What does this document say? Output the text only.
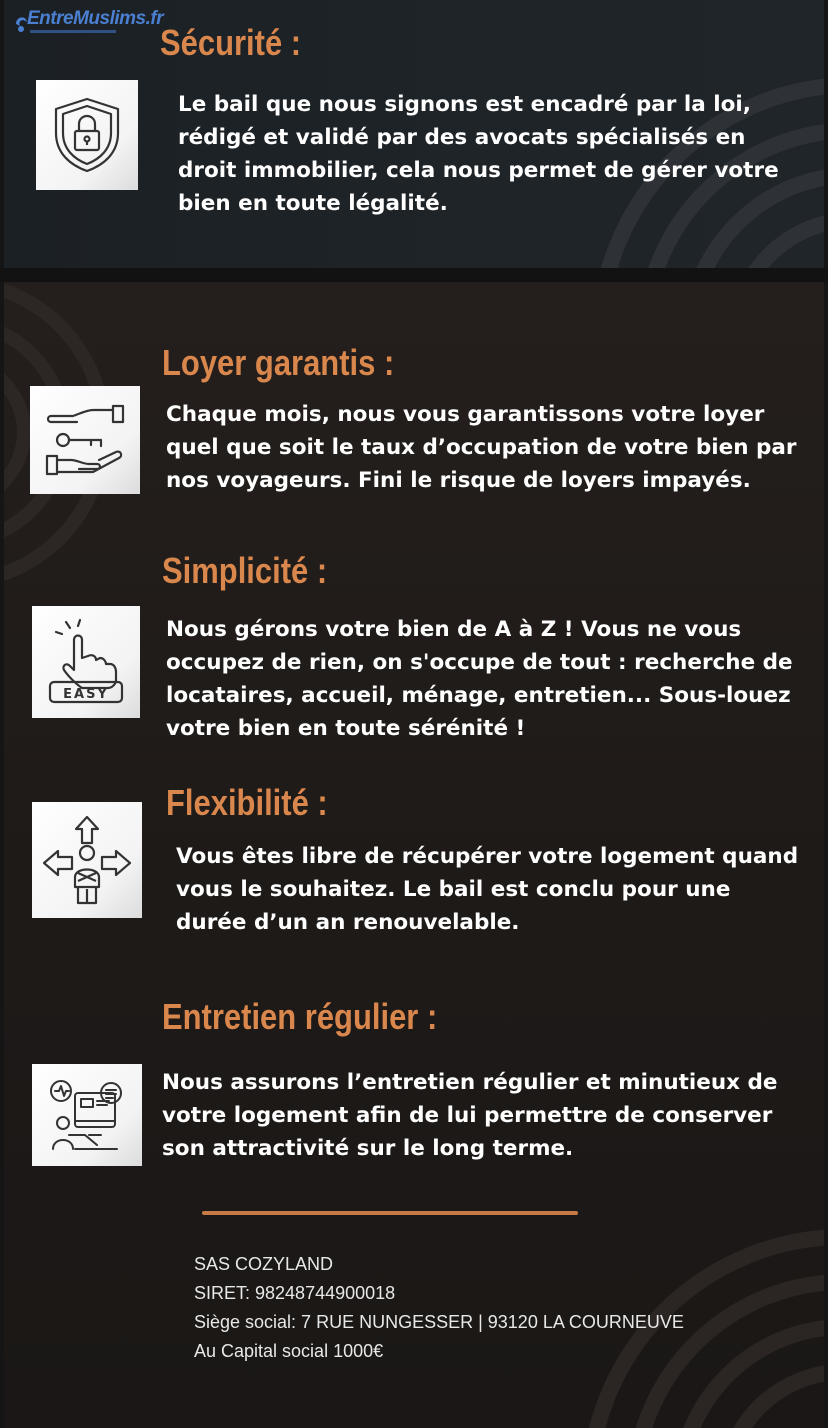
EntreMuslims.fr
Sécurité :

Le bail que nous signons est encadré par la loi, rédigé et validé par des avocats spécialisés en droit immobilier, cela nous permet de gérer votre bien en toute légalité.

Loyer garantis :

Chaque mois, nous vous garantissons votre loyer quel que soit le taux d’occupation de votre bien par nos voyageurs. Fini le risque de loyers impayés.

Simplicité :
EASY

Nous gérons votre bien de A à Z ! Vous ne vous occupez de rien, on s'occupe de tout : recherche de locataires, accueil, ménage, entretien... Sous-louez votre bien en toute sérénité !

Flexibilité :

Vous êtes libre de récupérer votre logement quand vous le souhaitez. Le bail est conclu pour une durée d’un an renouvelable.

Entretien régulier :

Nous assurons l’entretien régulier et minutieux de votre logement afin de lui permettre de conserver son attractivité sur le long terme.

SAS COZYLAND
SIRET: 98248744900018
Siège social: 7 RUE NUNGESSER | 93120 LA COURNEUVE
Au Capital social 1000€
